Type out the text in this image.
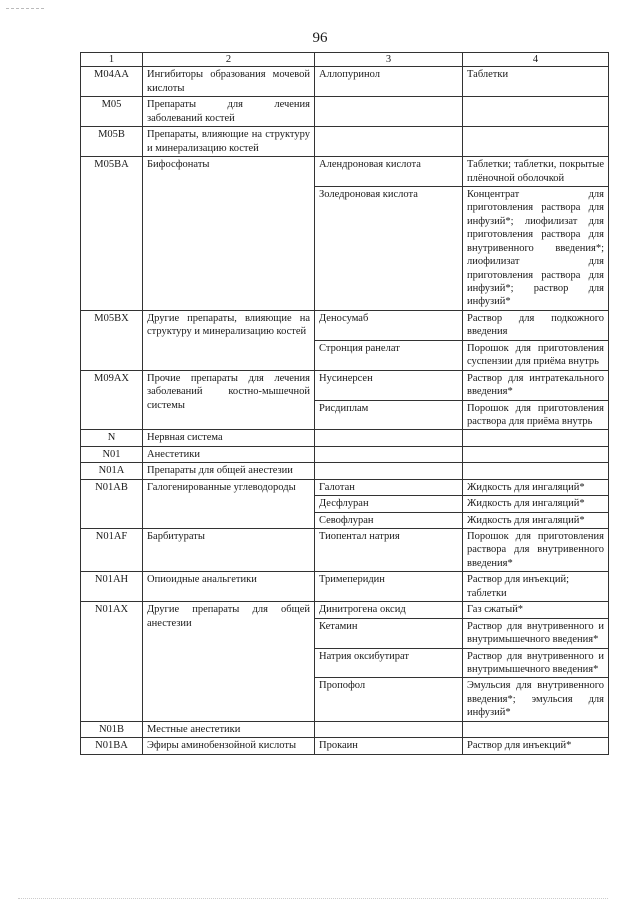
96
1	2	3	4
M04AA	Ингибиторы образования мочевой кислоты	Аллопуринол	Таблетки
M05	Препараты для лечения заболеваний костей		
M05B	Препараты, влияющие на структуру и минерализацию костей		
M05BA	Бифосфонаты	Алендроновая кислота	Таблетки; таблетки, покрытые плёночной оболочкой
		Золедроновая кислота	Концентрат для приготовления раствора для инфузий*; лиофилизат для приготовления раствора для внутривенного введения*; лиофилизат для приготовления раствора для инфузий*; раствор для инфузий*
M05BX	Другие препараты, влияющие на структуру и минерализацию костей	Деносумаб	Раствор для подкожного введения
		Стронция ранелат	Порошок для приготовления суспензии для приёма внутрь
M09AX	Прочие препараты для лечения заболеваний костно-мышечной системы	Нусинерсен	Раствор для интратекального введения*
		Рисдиплам	Порошок для приготовления раствора для приёма внутрь
N	Нервная система		
N01	Анестетики		
N01A	Препараты для общей анестезии		
N01AB	Галогенированные углеводороды	Галотан	Жидкость для ингаляций*
		Десфлуран	Жидкость для ингаляций*
		Севофлуран	Жидкость для ингаляций*
N01AF	Барбитураты	Тиопентал натрия	Порошок для приготовления раствора для внутривенного введения*
N01AH	Опиоидные анальгетики	Тримеперидин	Раствор для инъекций; таблетки
N01AX	Другие препараты для общей анестезии	Динитрогена оксид	Газ сжатый*
		Кетамин	Раствор для внутривенного и внутримышечного введения*
		Натрия оксибутират	Раствор для внутривенного и внутримышечного введения*
		Пропофол	Эмульсия для внутривенного введения*; эмульсия для инфузий*
N01B	Местные анестетики		
N01BA	Эфиры аминобензойной кислоты	Прокаин	Раствор для инъекций*
